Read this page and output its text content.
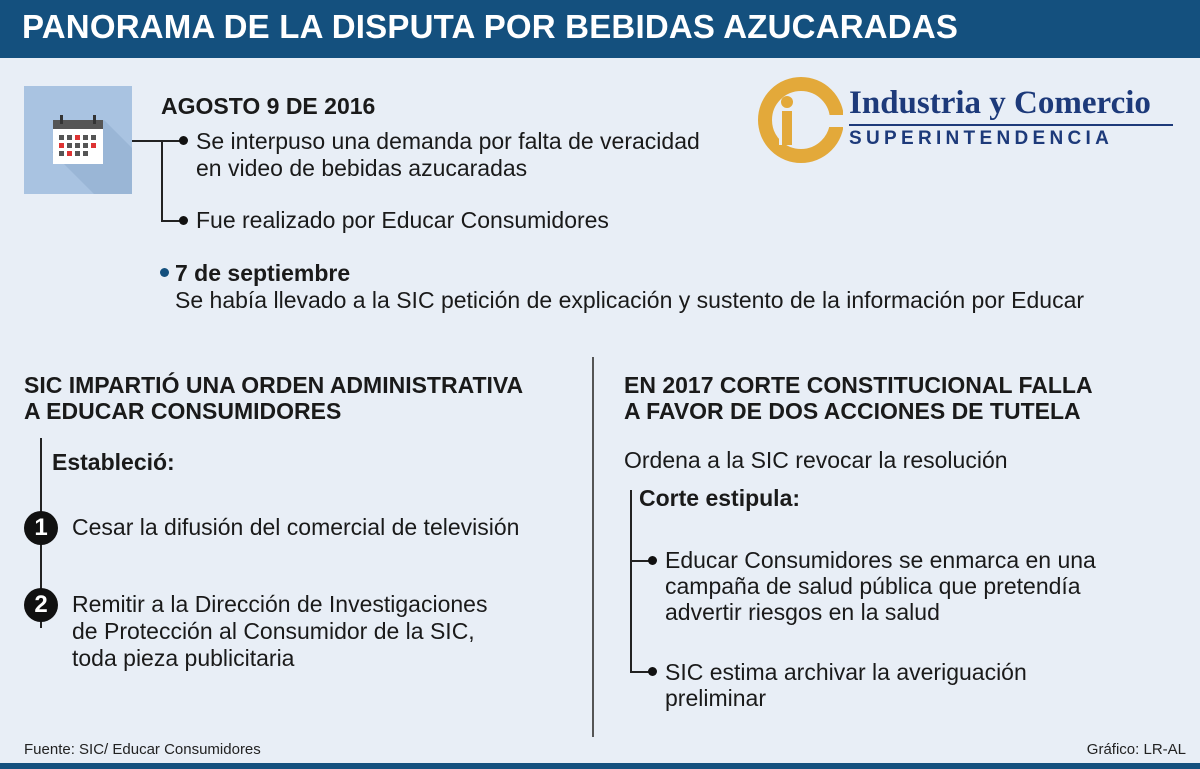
PANORAMA DE LA DISPUTA POR BEBIDAS AZUCARADAS
Industria y Comercio
SUPERINTENDENCIA
AGOSTO 9 DE 2016
Se interpuso una demanda por falta de veracidad
en video de bebidas azucaradas
Fue realizado por Educar Consumidores
7 de septiembre
Se había llevado a la SIC petición de explicación y sustento de la información por Educar
SIC IMPARTIÓ UNA ORDEN ADMINISTRATIVA
A EDUCAR CONSUMIDORES
Estableció:
1	Cesar la difusión del comercial de televisión
2	Remitir a la Dirección de Investigaciones
de Protección al Consumidor de la SIC,
toda pieza publicitaria
EN 2017 CORTE CONSTITUCIONAL FALLA
A FAVOR DE DOS ACCIONES DE TUTELA
Ordena a la SIC revocar la resolución
Corte estipula:
Educar Consumidores se enmarca en una
campaña de salud pública que pretendía
advertir riesgos en la salud
SIC estima archivar la averiguación
preliminar
Fuente: SIC/ Educar Consumidores	Gráfico: LR-AL
